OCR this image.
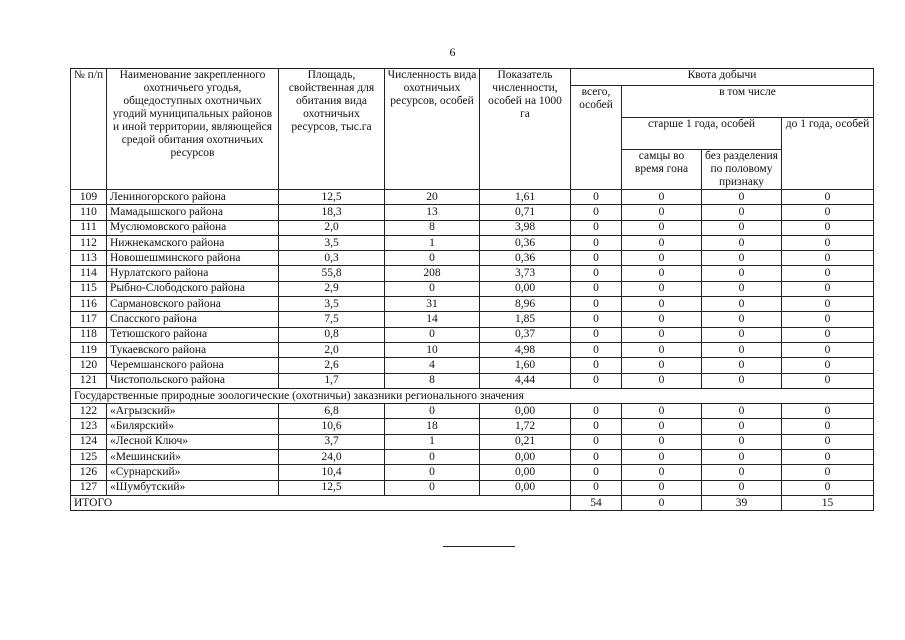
6
№ п/п	Наименование закрепленного охотничьего угодья, общедоступных охотничьих угодий муниципальных районов и иной территории, являющейся средой обитания охотничьих ресурсов	Площадь, свойственная для обитания вида охотничьих ресурсов, тыс.га	Численность вида охотничьих ресурсов, особей	Показатель численности, особей на 1000 га	Квота добычи			
					всего, особей	в том числе		
						старше 1 года, особей		до 1 года, особей
						самцы во время гона	без разделения по половому признаку	
109	Лениногорского района	12,5	20	1,61	0	0	0	0
110	Мамадышского района	18,3	13	0,71	0	0	0	0
111	Муслюмовского района	2,0	8	3,98	0	0	0	0
112	Нижнекамского района	3,5	1	0,36	0	0	0	0
113	Новошешминского района	0,3	0	0,36	0	0	0	0
114	Нурлатского района	55,8	208	3,73	0	0	0	0
115	Рыбно-Слободского района	2,9	0	0,00	0	0	0	0
116	Сармановского района	3,5	31	8,96	0	0	0	0
117	Спасского района	7,5	14	1,85	0	0	0	0
118	Тетюшского района	0,8	0	0,37	0	0	0	0
119	Тукаевского района	2,0	10	4,98	0	0	0	0
120	Черемшанского района	2,6	4	1,60	0	0	0	0
121	Чистопольского района	1,7	8	4,44	0	0	0	0
Государственные природные зоологические (охотничьи) заказники регионального значения								
122	«Агрызский»	6,8	0	0,00	0	0	0	0
123	«Билярский»	10,6	18	1,72	0	0	0	0
124	«Лесной Ключ»	3,7	1	0,21	0	0	0	0
125	«Мешинский»	24,0	0	0,00	0	0	0	0
126	«Сурнарский»	10,4	0	0,00	0	0	0	0
127	«Шумбутский»	12,5	0	0,00	0	0	0	0
ИТОГО					54	0	39	15
